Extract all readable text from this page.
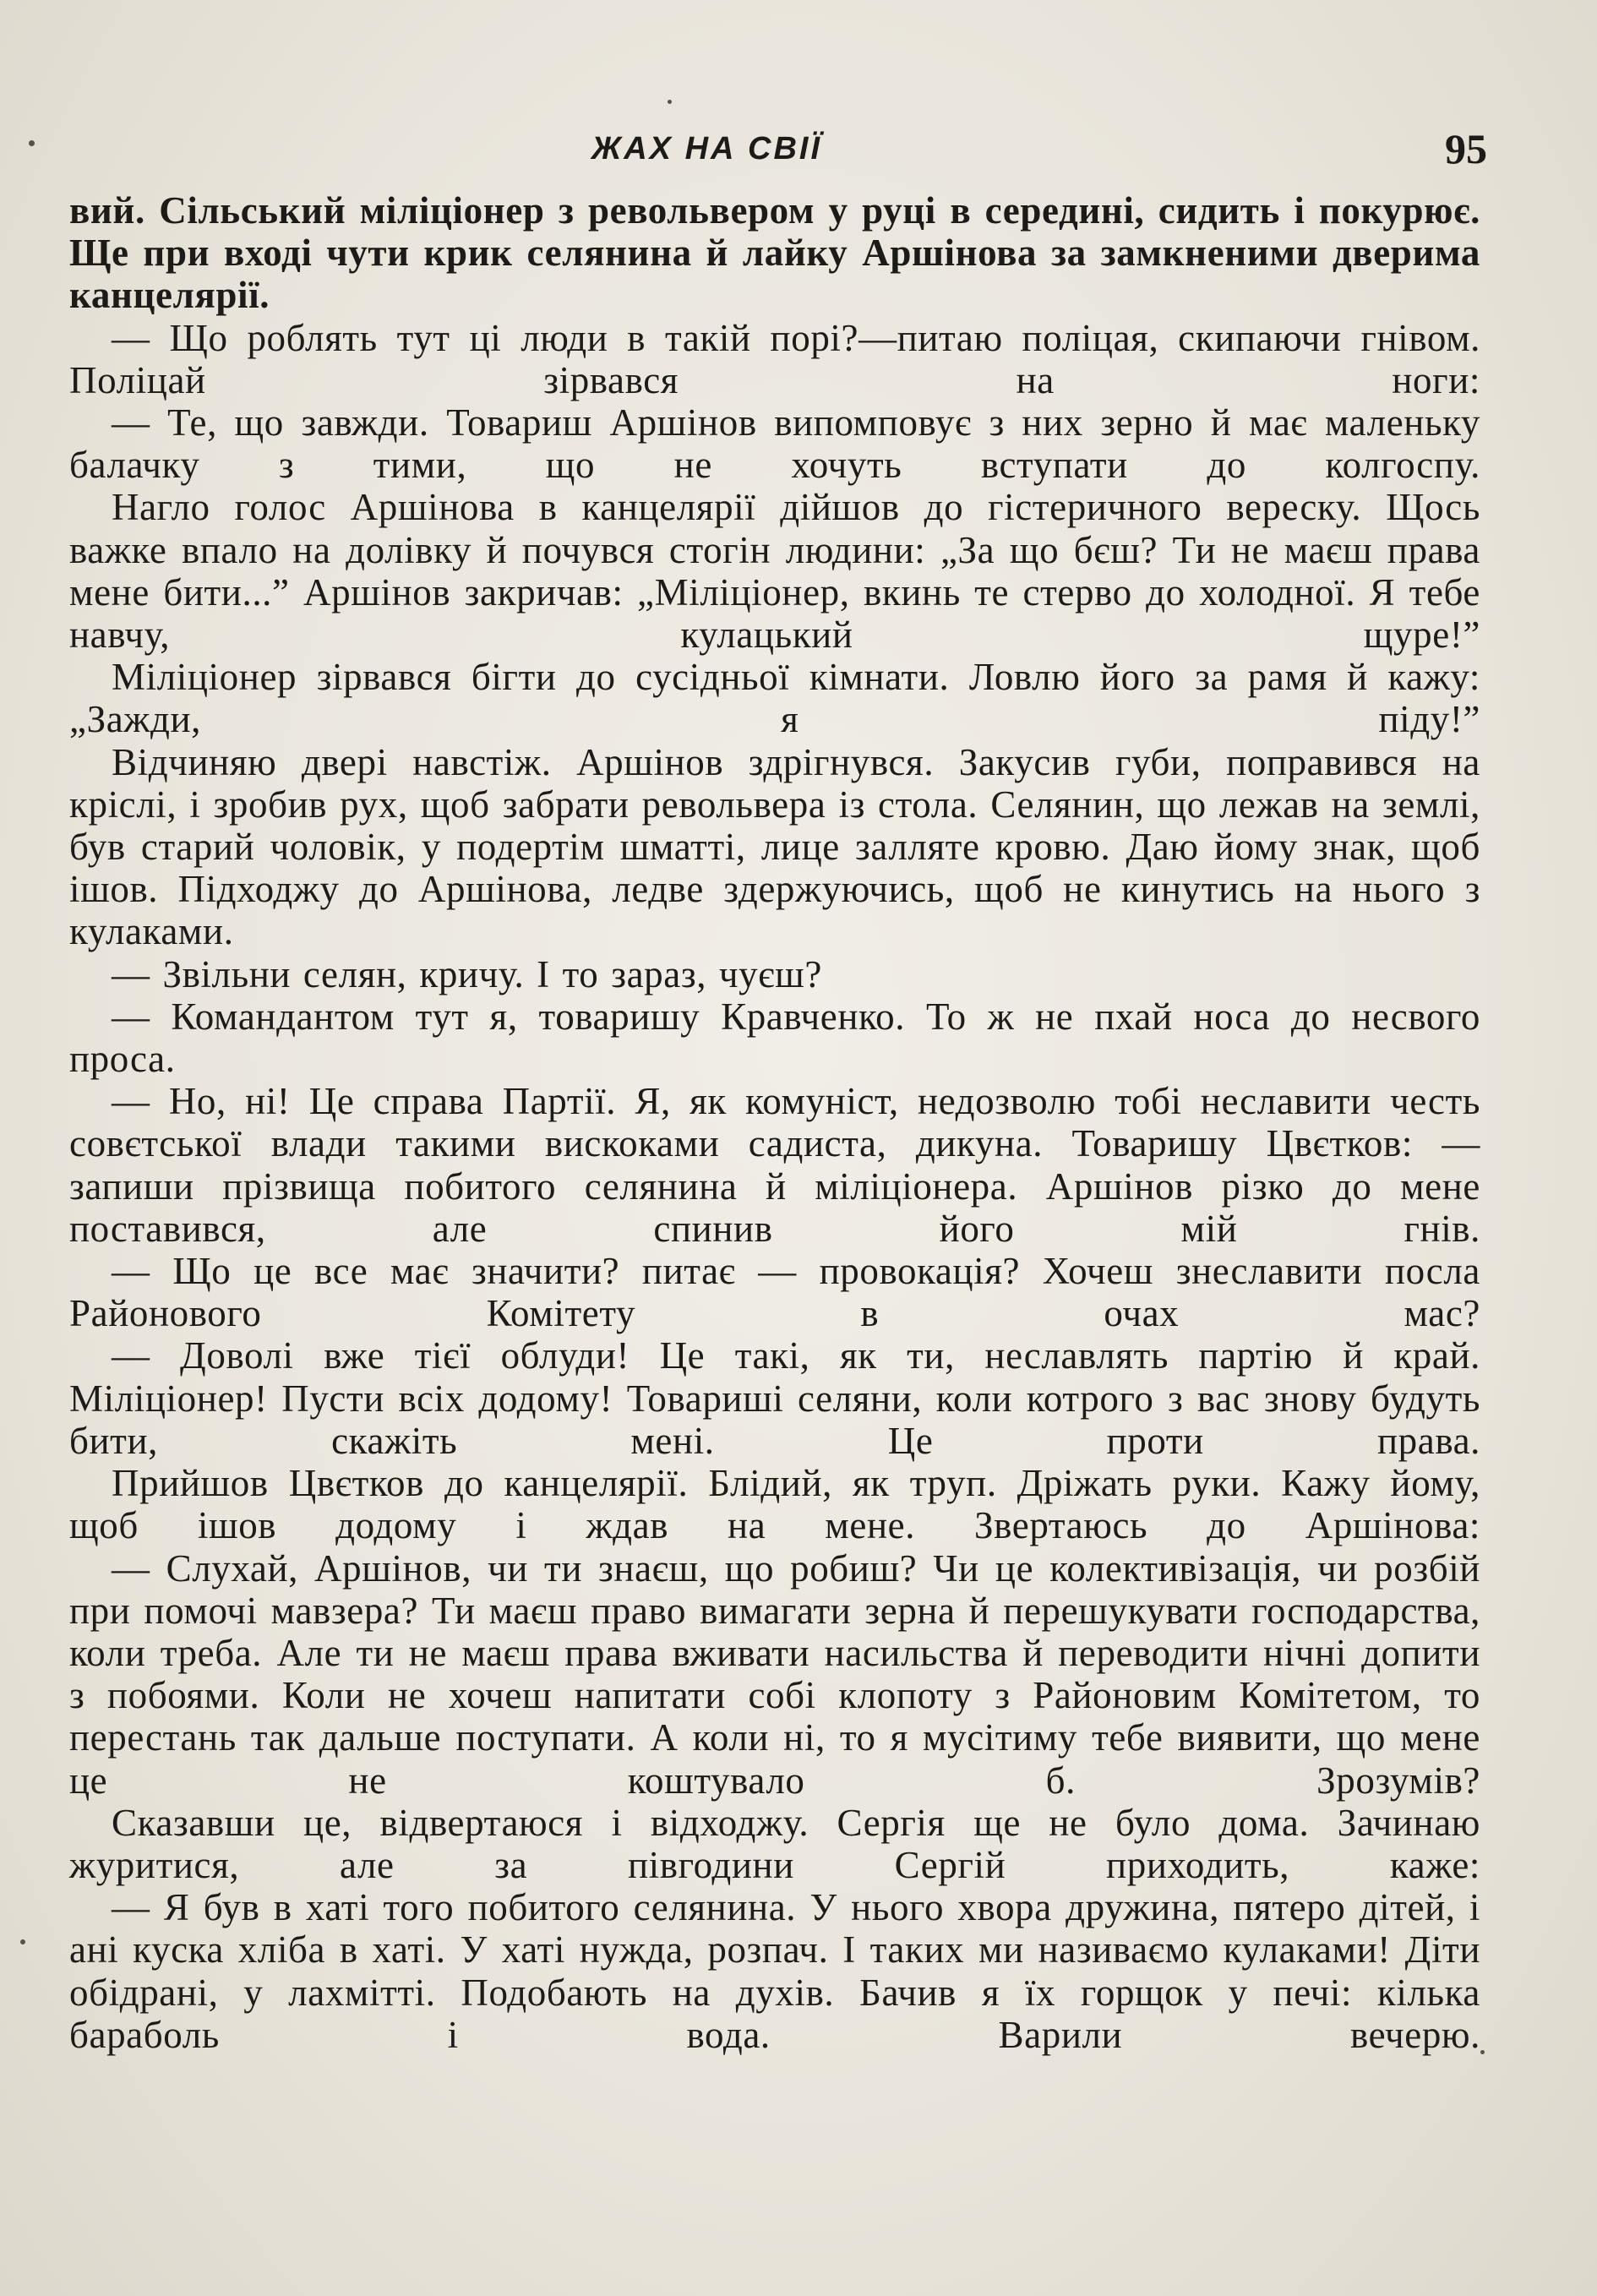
ЖАХ НА СВІЇ	95

вий. Сільський міліціонер з револьвером у руці в середині, сидить і покурює. Ще при вході чути крик селянина й лайку Аршінова за замкненими дверима канцелярії.

— Що роблять тут ці люди в такій порі?—питаю поліцая, скипаючи гнівом. Поліцай зірвався на ноги:

— Те, що завжди. Товариш Аршінов випомповує з них зерно й має маленьку балачку з тими, що не хочуть вступати до колгоспу.

Нагло голос Аршінова в канцелярії дійшов до гістеричного вереску. Щось важке впало на долівку й почувся стогін людини: „За що бєш? Ти не маєш права мене бити...” Аршінов закричав: „Міліціонер, вкинь те стерво до холодної. Я тебе навчу, кулацький щуре!”

Міліціонер зірвався бігти до сусідньої кімнати. Ловлю його за рамя й кажу: „Зажди, я піду!”

Відчиняю двері навстіж. Аршінов здрігнувся. Закусив губи, поправився на кріслі, і зробив рух, щоб забрати револьвера із стола. Селянин, що лежав на землі, був старий чоловік, у подертім шматті, лице залляте кровю. Даю йому знак, щоб ішов. Підходжу до Аршінова, ледве здержуючись, щоб не кинутись на нього з кулаками.

— Звільни селян, кричу. І то зараз, чуєш?

— Командантом тут я, товаришу Кравченко. То ж не пхай носа до несвого проса.

— Но, ні! Це справа Партії. Я, як комуніст, недозволю тобі неславити честь совєтської влади такими вискоками садиста, дикуна. Товаришу Цвєтков: — запиши прізвища побитого селянина й міліціонера. Аршінов різко до мене поставився, але спинив його мій гнів.

— Що це все має значити? питає — провокація? Хочеш знеславити посла Районового Комітету в очах мас?

— Доволі вже тієї облуди! Це такі, як ти, неславлять партію й край. Міліціонер! Пусти всіх додому! Товариші селяни, коли котрого з вас знову будуть бити, скажіть мені. Це проти права.

Прийшов Цвєтков до канцелярії. Блідий, як труп. Дріжать руки. Кажу йому, щоб ішов додому і ждав на мене. Звертаюсь до Аршінова:

— Слухай, Аршінов, чи ти знаєш, що робиш? Чи це колективізація, чи розбій при помочі мавзера? Ти маєш право вимагати зерна й перешукувати господарства, коли треба. Але ти не маєш права вживати насильства й переводити нічні допити з побоями. Коли не хочеш напитати собі клопоту з Районовим Комітетом, то перестань так дальше поступати. А коли ні, то я мусітиму тебе виявити, що мене це не коштувало б. Зрозумів?

Сказавши це, відвертаюся і відходжу. Сергія ще не було дома. Зачинаю журитися, але за півгодини Сергій приходить, каже:

— Я був в хаті того побитого селянина. У нього хвора дружина, пятеро дітей, і ані куска хліба в хаті. У хаті нужда, розпач. І таких ми називаємо кулаками! Діти обідрані, у лахмітті. Подобають на духів. Бачив я їх горщок у печі: кілька бараболь і вода. Варили вечерю.
